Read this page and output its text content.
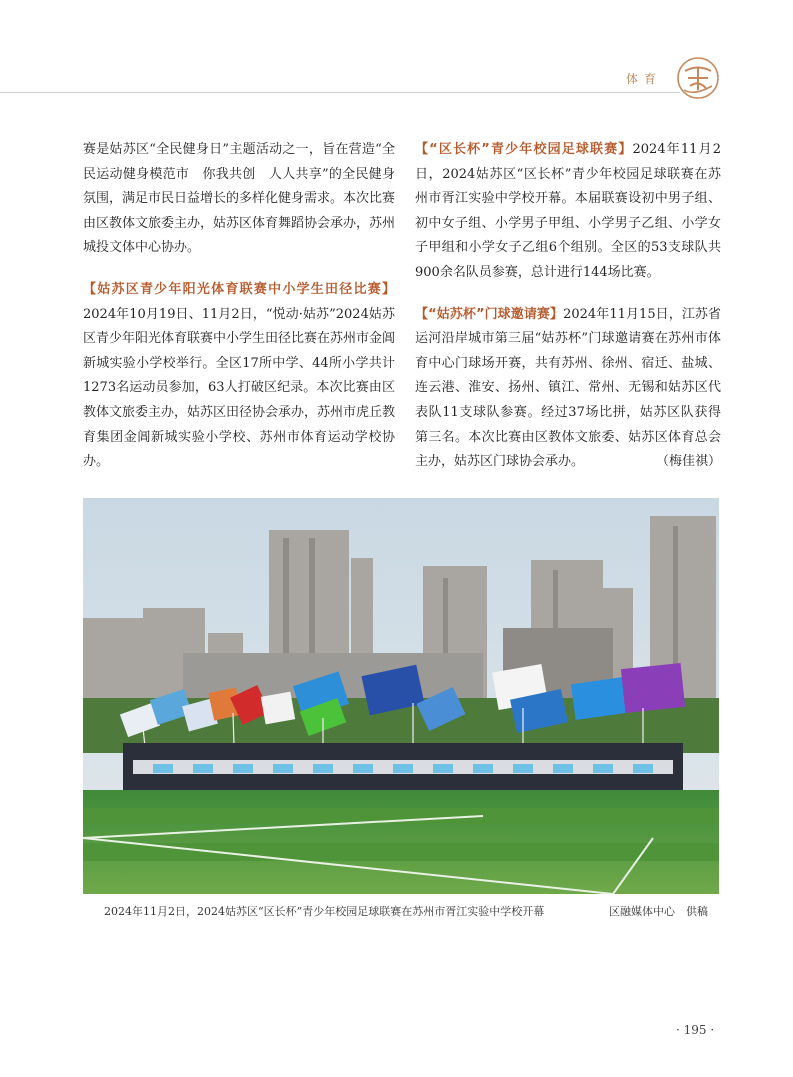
体育

赛是姑苏区“全民健身日”主题活动之一，旨在营造“全民运动健身模范市　你我共创　人人共享”的全民健身氛围，满足市民日益增长的多样化健身需求。本次比赛由区教体文旅委主办，姑苏区体育舞蹈协会承办，苏州城投文体中心协办。

【姑苏区青少年阳光体育联赛中小学生田径比赛】2024年10月19日、11月2日，“悦动·姑苏”2024姑苏区青少年阳光体育联赛中小学生田径比赛在苏州市金阊新城实验小学校举行。全区17所中学、44所小学共计1273名运动员参加，63人打破区纪录。本次比赛由区教体文旅委主办，姑苏区田径协会承办，苏州市虎丘教育集团金阊新城实验小学校、苏州市体育运动学校协办。

【“区长杯”青少年校园足球联赛】2024年11月2日，2024姑苏区“区长杯”青少年校园足球联赛在苏州市胥江实验中学校开幕。本届联赛设初中男子组、初中女子组、小学男子甲组、小学男子乙组、小学女子甲组和小学女子乙组6个组别。全区的53支球队共900余名队员参赛，总计进行144场比赛。

【“姑苏杯”门球邀请赛】2024年11月15日，江苏省运河沿岸城市第三届“姑苏杯”门球邀请赛在苏州市体育中心门球场开赛，共有苏州、徐州、宿迁、盐城、连云港、淮安、扬州、镇江、常州、无锡和姑苏区代表队11支球队参赛。经过37场比拼，姑苏区队获得第三名。本次比赛由区教体文旅委、姑苏区体育总会主办，姑苏区门球协会承办。	（梅佳祺）

2024年11月2日，2024姑苏区“区长杯”青少年校园足球联赛在苏州市胥江实验中学校开幕	区融媒体中心　供稿
· 195 ·
